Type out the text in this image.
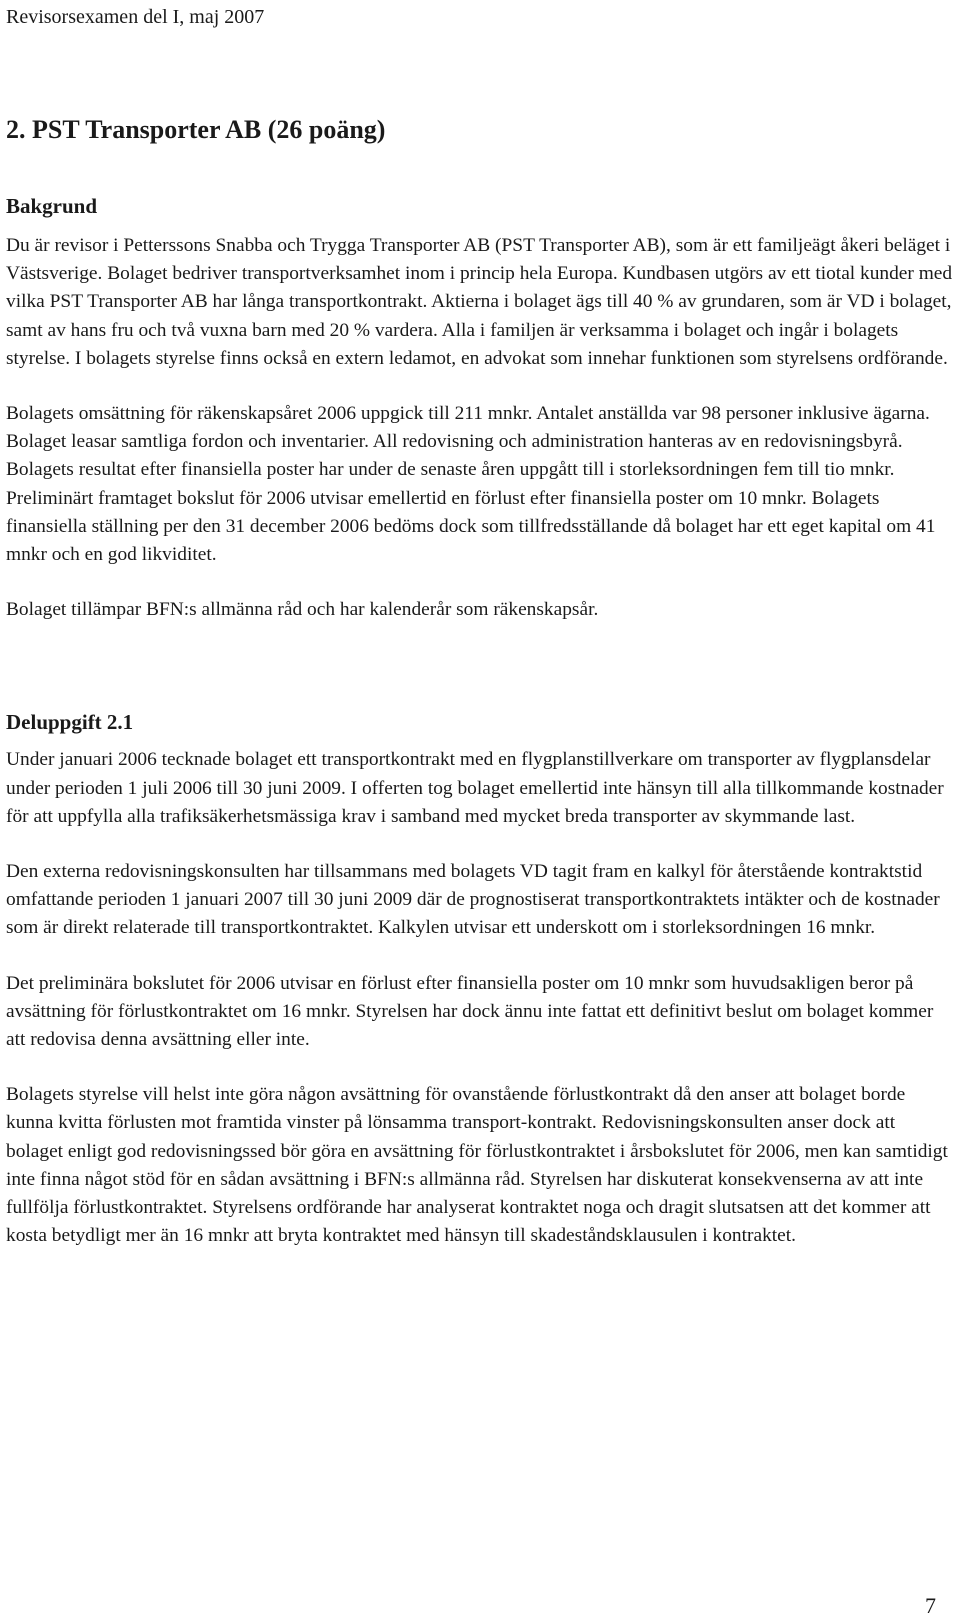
Revisorsexamen del I, maj 2007
2. PST Transporter AB (26 poäng)
Bakgrund

Du är revisor i Petterssons Snabba och Trygga Transporter AB (PST Transporter AB), som är ett familjeägt åkeri beläget i Västsverige. Bolaget bedriver transportverksamhet inom i princip hela Europa. Kundbasen utgörs av ett tiotal kunder med vilka PST Transporter AB har långa transportkontrakt. Aktierna i bolaget ägs till 40 % av grundaren, som är VD i bolaget, samt av hans fru och två vuxna barn med 20 % vardera. Alla i familjen är verksamma i bolaget och ingår i bolagets styrelse. I bolagets styrelse finns också en extern ledamot, en advokat som innehar funktionen som styrelsens ordförande.

Bolagets omsättning för räkenskapsåret 2006 uppgick till 211 mnkr. Antalet anställda var 98 personer inklusive ägarna. Bolaget leasar samtliga fordon och inventarier. All redovisning och administration hanteras av en redovisningsbyrå. Bolagets resultat efter finansiella poster har under de senaste åren uppgått till i storleksordningen fem till tio mnkr. Preliminärt framtaget bokslut för 2006 utvisar emellertid en förlust efter finansiella poster om 10 mnkr. Bolagets finansiella ställning per den 31 december 2006 bedöms dock som tillfredsställande då bolaget har ett eget kapital om 41 mnkr och en god likviditet.

Bolaget tillämpar BFN:s allmänna råd och har kalenderår som räkenskapsår.

Deluppgift 2.1

Under januari 2006 tecknade bolaget ett transportkontrakt med en flygplanstillverkare om transporter av flygplansdelar under perioden 1 juli 2006 till 30 juni 2009. I offerten tog bolaget emellertid inte hänsyn till alla tillkommande kostnader för att uppfylla alla trafiksäkerhetsmässiga krav i samband med mycket breda transporter av skymmande last.

Den externa redovisningskonsulten har tillsammans med bolagets VD tagit fram en kalkyl för återstående kontraktstid omfattande perioden 1 januari 2007 till 30 juni 2009 där de prognostiserat transportkontraktets intäkter och de kostnader som är direkt relaterade till transportkontraktet. Kalkylen utvisar ett underskott om i storleksordningen 16 mnkr.

Det preliminära bokslutet för 2006 utvisar en förlust efter finansiella poster om 10 mnkr som huvudsakligen beror på avsättning för förlustkontraktet om 16 mnkr. Styrelsen har dock ännu inte fattat ett definitivt beslut om bolaget kommer att redovisa denna avsättning eller inte.

Bolagets styrelse vill helst inte göra någon avsättning för ovanstående förlustkontrakt då den anser att bolaget borde kunna kvitta förlusten mot framtida vinster på lönsamma transport-kontrakt. Redovisningskonsulten anser dock att bolaget enligt god redovisningssed bör göra en avsättning för förlustkontraktet i årsbokslutet för 2006, men kan samtidigt inte finna något stöd för en sådan avsättning i BFN:s allmänna råd. Styrelsen har diskuterat konsekvenserna av att inte fullfölja förlustkontraktet. Styrelsens ordförande har analyserat kontraktet noga och dragit slutsatsen att det kommer att kosta betydligt mer än 16 mnkr att bryta kontraktet med hänsyn till skadeståndsklausulen i kontraktet.

7
